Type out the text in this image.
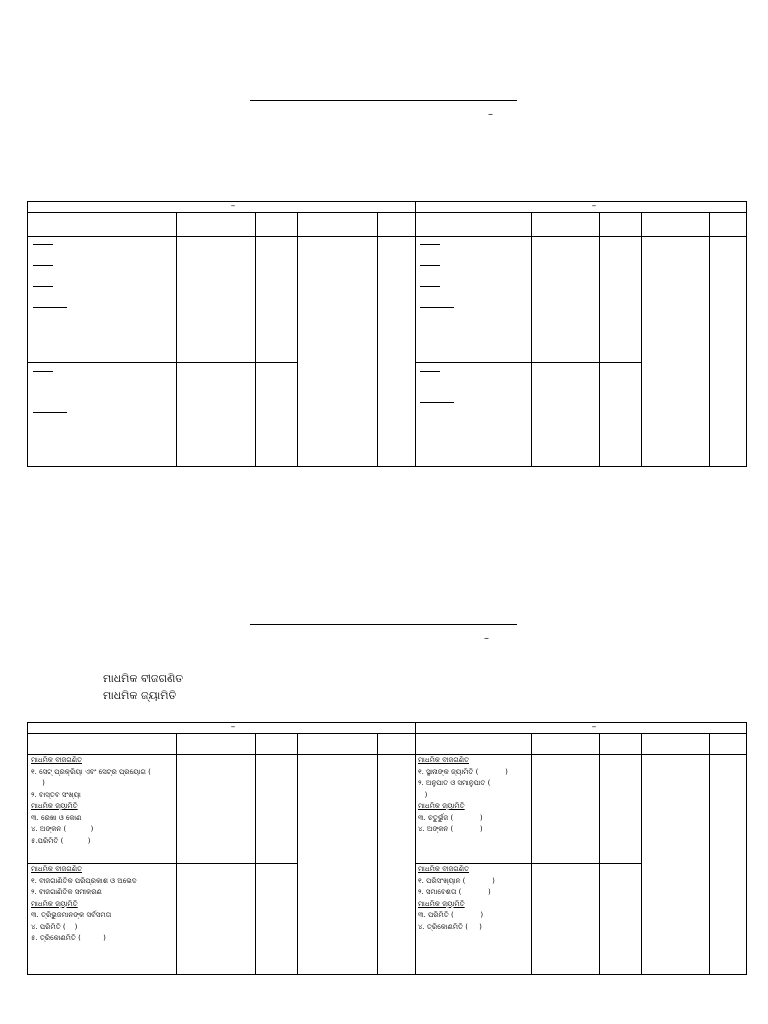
–
–	–
–
ମାଧମିକ ବୀଜଗଣିତ
ମାଧମିକ ଜ୍ୟାମିତି
–	–
ମାଧମିକ ବୀଜଗଣିତ
୧. ସେଟ୍ ପ୍ରକ୍ରିୟା ଏବଂ ସେଟ୍‌ର ପ୍ରୟୋଗ (
)
୨. ବାସ୍ତବ ସଂଖ୍ୟା
ମାଧମିକ ଜ୍ୟାମିତି
୩. ରେଖା ଓ କୋଣ
୪. ଅଙ୍କନ (           )
୫.ପରିମିତି (           )
ମାଧମିକ ବୀଜଗଣିତ
୧. ବୀଜଗାଣିତିକ ପରିପ୍ରକାଶ ଓ ଅଭେଦ
୨. ବୀଜଗାଣିତିକ ସମୀକରଣ
ମାଧମିକ ଜ୍ୟାମିତି
୩. ତ୍ରିଭୁଜମାନଙ୍କ ସର୍ବସମତା
୪. ପରିମିତି (    )
୫. ତ୍ରିକୋଣମିତି (          )
ମାଧମିକ ବୀଜଗଣିତ
୧. ସ୍ଥାନାଙ୍କ ଜ୍ୟାମିତି (            )
୨. ଅନୁପାତ ଓ ସମାନୁପାତ (
)
ମାଧମିକ ଜ୍ୟାମିତି
୩. ଚତୁର୍ଭୁଜ (            )
୪. ଅଙ୍କନ (            )
ମାଧମିକ ବୀଜଗଣିତ
୧. ପରିସଂଖ୍ୟାନ (            )
୨. ସମାବେଶତା (            )
ମାଧମିକ ଜ୍ୟାମିତି
୩. ପରିମିତି (            )
୪. ତ୍ରିକୋଣମିତି (     )
